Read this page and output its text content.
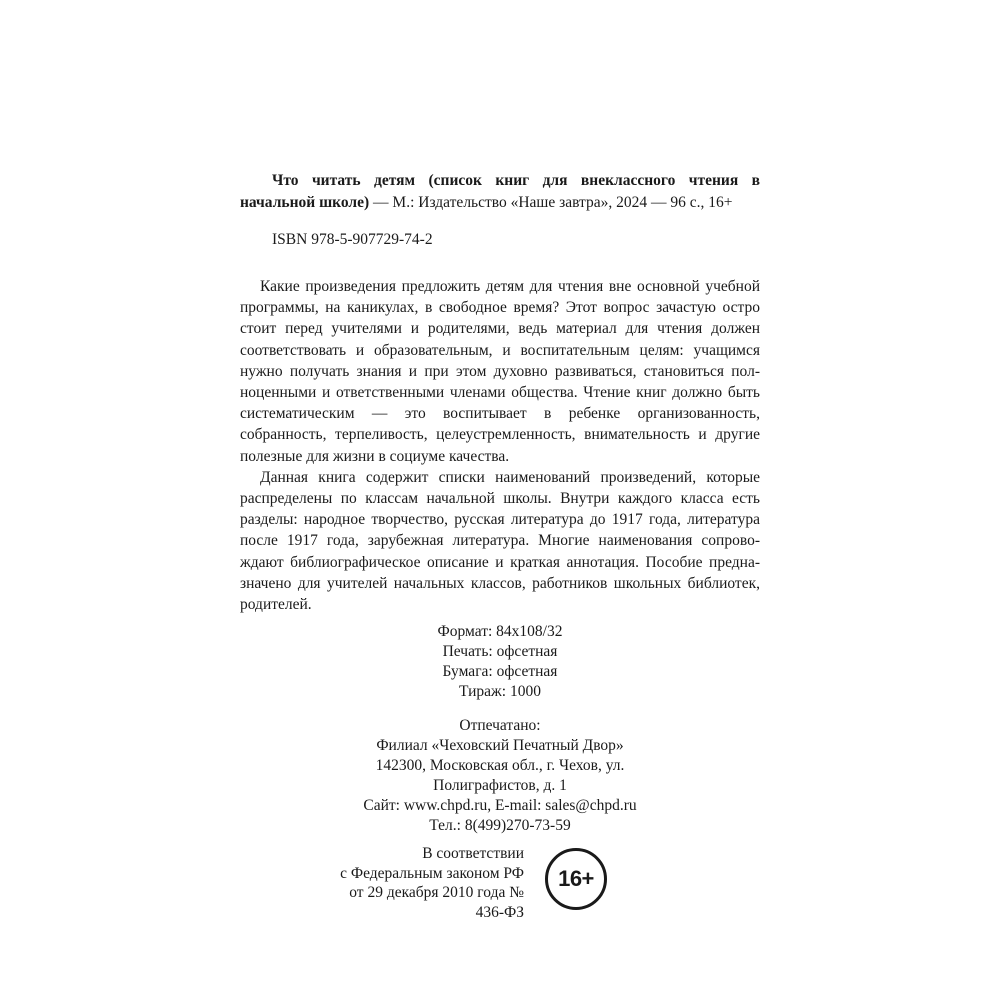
Что читать детям (список книг для внеклассного чтения в начальной школе) — М.: Издательство «Наше завтра», 2024 — 96 с., 16+
ISBN 978-5-907729-74-2

Какие произведения предложить детям для чтения вне основной учебной программы, на каникулах, в свободное время? Этот вопрос зачастую остро стоит перед учителями и родителями, ведь материал для чтения должен соответствовать и образовательным, и воспитательным целям: учащимся нужно получать знания и при этом духовно развиваться, становиться полноценными и ответственными членами общества. Чтение книг должно быть систематическим — это воспитывает в ребенке организованность, собранность, терпеливость, целеустремленность, внимательность и другие полезные для жизни в социуме качества.

Данная книга содержит списки наименований произведений, которые распределены по классам начальной школы. Внутри каждого класса есть разделы: народное творчество, русская литература до 1917 года, литература после 1917 года, зарубежная литература. Многие наименования сопровождают библиографическое описание и краткая аннотация. Пособие предназначено для учителей начальных классов, работников школьных библиотек, родителей.

Формат: 84x108/32
Печать: офсетная
Бумага: офсетная
Тираж: 1000
Отпечатано:
Филиал «Чеховский Печатный Двор»
142300, Московская обл., г. Чехов, ул. Полиграфистов, д. 1
Сайт: www.chpd.ru, E-mail: sales@chpd.ru
Тел.: 8(499)270-73-59
В соответствии
с Федеральным законом РФ
от 29 декабря 2010 года №
436-ФЗ
16+
